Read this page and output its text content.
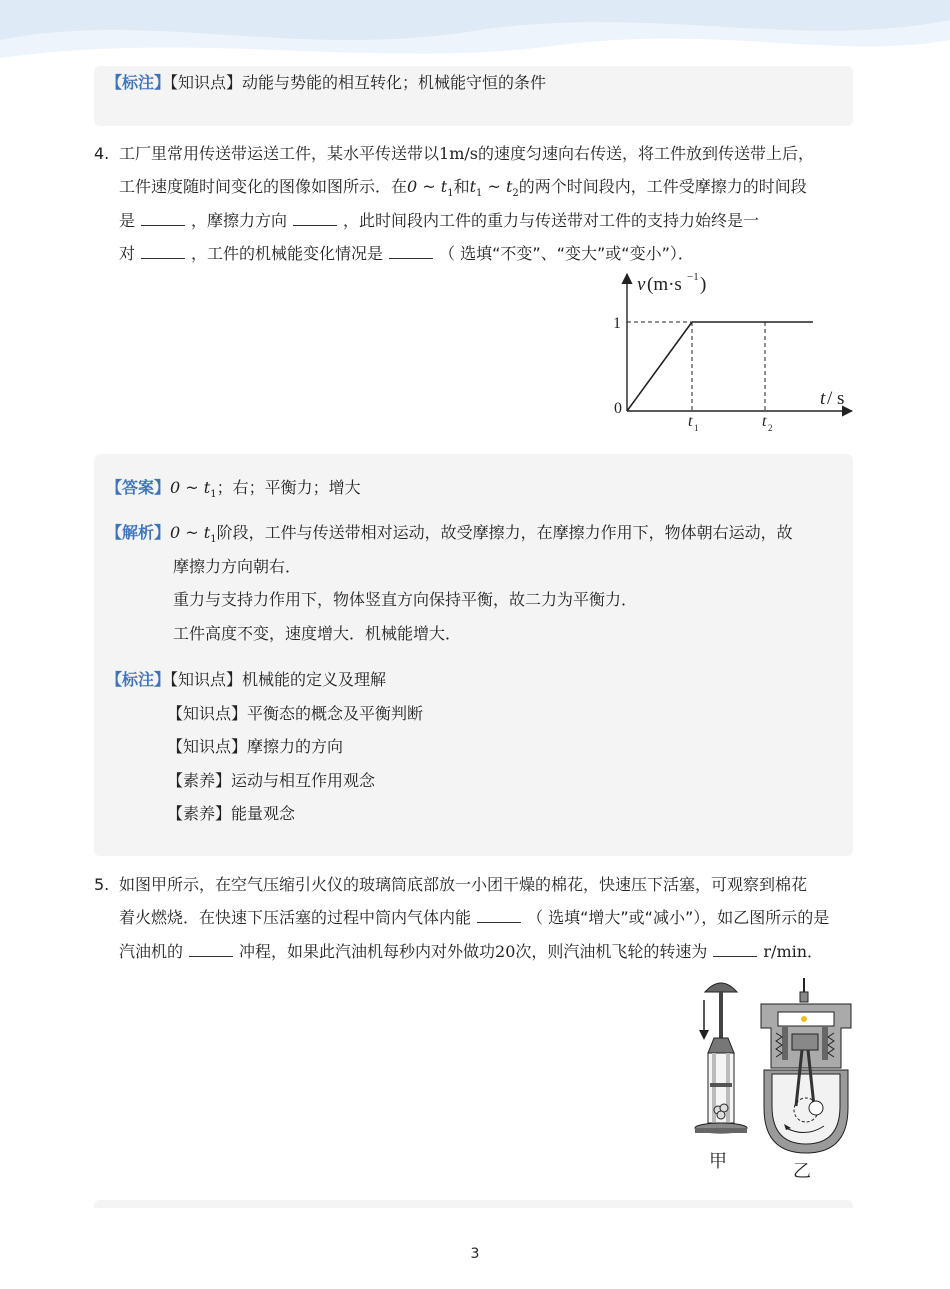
【标注】【知识点】动能与势能的相互转化；机械能守恒的条件
4. 工厂里常用传送带运送工件，某水平传送带以1m/s的速度匀速向右传送，将工件放到传送带上后，
工件速度随时间变化的图像如图所示．在0 ~ $t_1$和$t_1$ ~ $t_2$的两个时间段内，工件受摩擦力的时间段
是	，摩擦力方向	，此时间段内工件的重力与传送带对工件的支持力始终是一
对	，工件的机械能变化情况是	（ 选填“不变”、“变大”或“变小”）．
v (m·s −1 )
t / s
1
0
t 1	t 2
【答案】0 ~ $t_1$；右；平衡力；增大
【解析】0 ~ $t_1$阶段，工件与传送带相对运动，故受摩擦力，在摩擦力作用下，物体朝右运动，故
摩擦力方向朝右．
重力与支持力作用下，物体竖直方向保持平衡，故二力为平衡力．
工件高度不变，速度增大．机械能增大．
【标注】【知识点】机械能的定义及理解
【知识点】平衡态的概念及平衡判断
【知识点】摩擦力的方向
【素养】运动与相互作用观念
【素养】能量观念
5. 如图甲所示，在空气压缩引火仪的玻璃筒底部放一小团干燥的棉花，快速压下活塞，可观察到棉花
着火燃烧．在快速下压活塞的过程中筒内气体内能	（ 选填“增大”或“减小”），如乙图所示的是
汽油机的	冲程，如果此汽油机每秒内对外做功20次，则汽油机飞轮的转速为	r/min．
甲	乙
3
